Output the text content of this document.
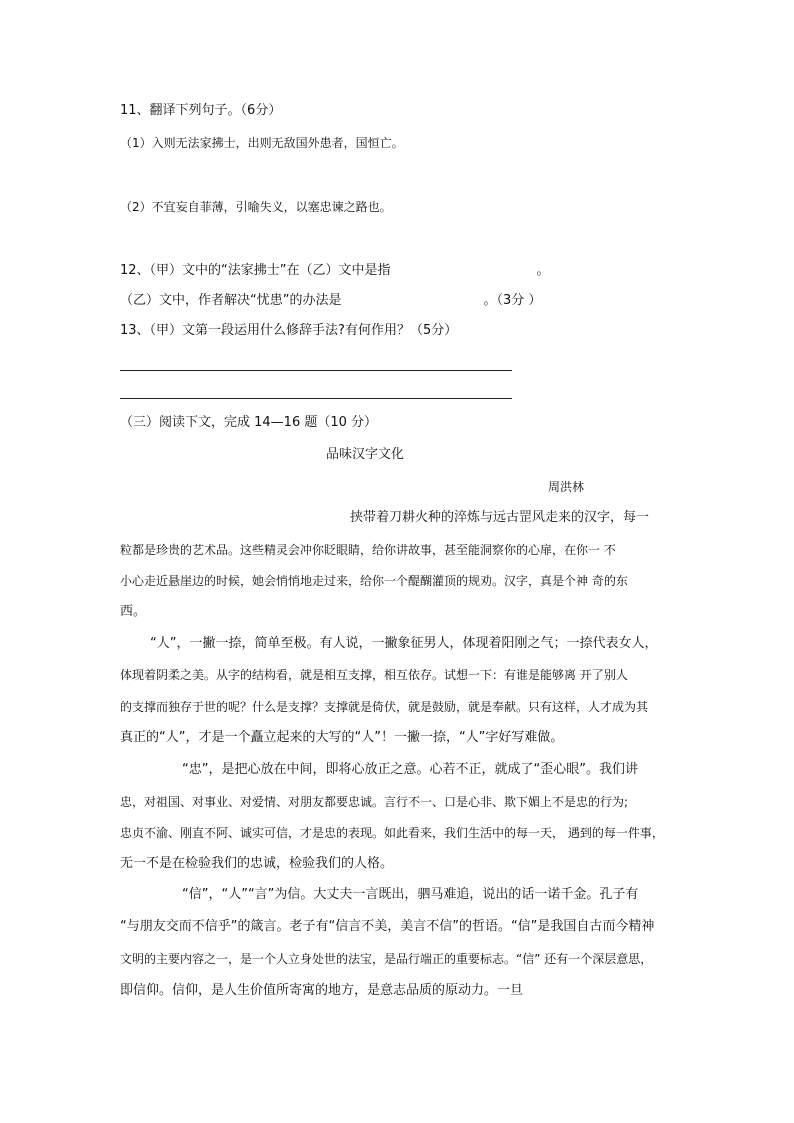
11、翻译下列句子。（6分）
（1）入则无法家拂士，出则无敌国外患者，国恒亡。
（2）不宜妄自菲薄，引喻失义，以塞忠谏之路也。
12、（甲）文中的“法家拂士”在（乙）文中是指	。
（乙）文中，作者解决“忧患”的办法是	。（3分 ）
13、（甲）文第一段运用什么修辞手法?有何作用？（5分）
（三）阅读下文，完成 14—16 题（10 分）
品味汉字文化
周洪林
挟带着刀耕火种的淬炼与远古罡风走来的汉字，每一
粒都是珍贵的艺术品。这些精灵会冲你眨眼睛，给你讲故事，甚至能洞察你的心扉，在你一 不
小心走近悬崖边的时候，她会悄悄地走过来，给你一个醍醐灌顶的规劝。汉字，真是个神 奇的东
西。
“人”，一撇一捺，简单至极。有人说，一撇象征男人，体现着阳刚之气；一捺代表女人，
体现着阴柔之美。从字的结构看，就是相互支撑，相互依存。试想一下：有谁是能够离 开了别人
的支撑而独存于世的呢？什么是支撑？支撑就是倚伏，就是鼓励，就是奉献。只有这样，人才成为其
真正的“人”，才是一个矗立起来的大写的“人”！一撇一捺，“人”字好写难做。
“忠”，是把心放在中间，即将心放正之意。心若不正，就成了“歪心眼”。我们讲
忠，对祖国、对事业、对爱情、对朋友都要忠诚。言行不一、口是心非、欺下媚上不是忠的行为;
忠贞不渝、刚直不阿、诚实可信，才是忠的表现。如此看来，我们生活中的每一天， 遇到的每一件事，
无一不是在检验我们的忠诚，检验我们的人格。
“信”，“人”“言”为信。大丈夫一言既出，驷马难追，说出的话一诺千金。孔子有
“与朋友交而不信乎”的箴言。老子有“信言不美，美言不信”的哲语。“信”是我国自古而今精神
文明的主要内容之一，是一个人立身处世的法宝，是品行端正的重要标志。“信” 还有一个深层意思，
即信仰。信仰，是人生价值所寄寓的地方，是意志品质的原动力。一旦
